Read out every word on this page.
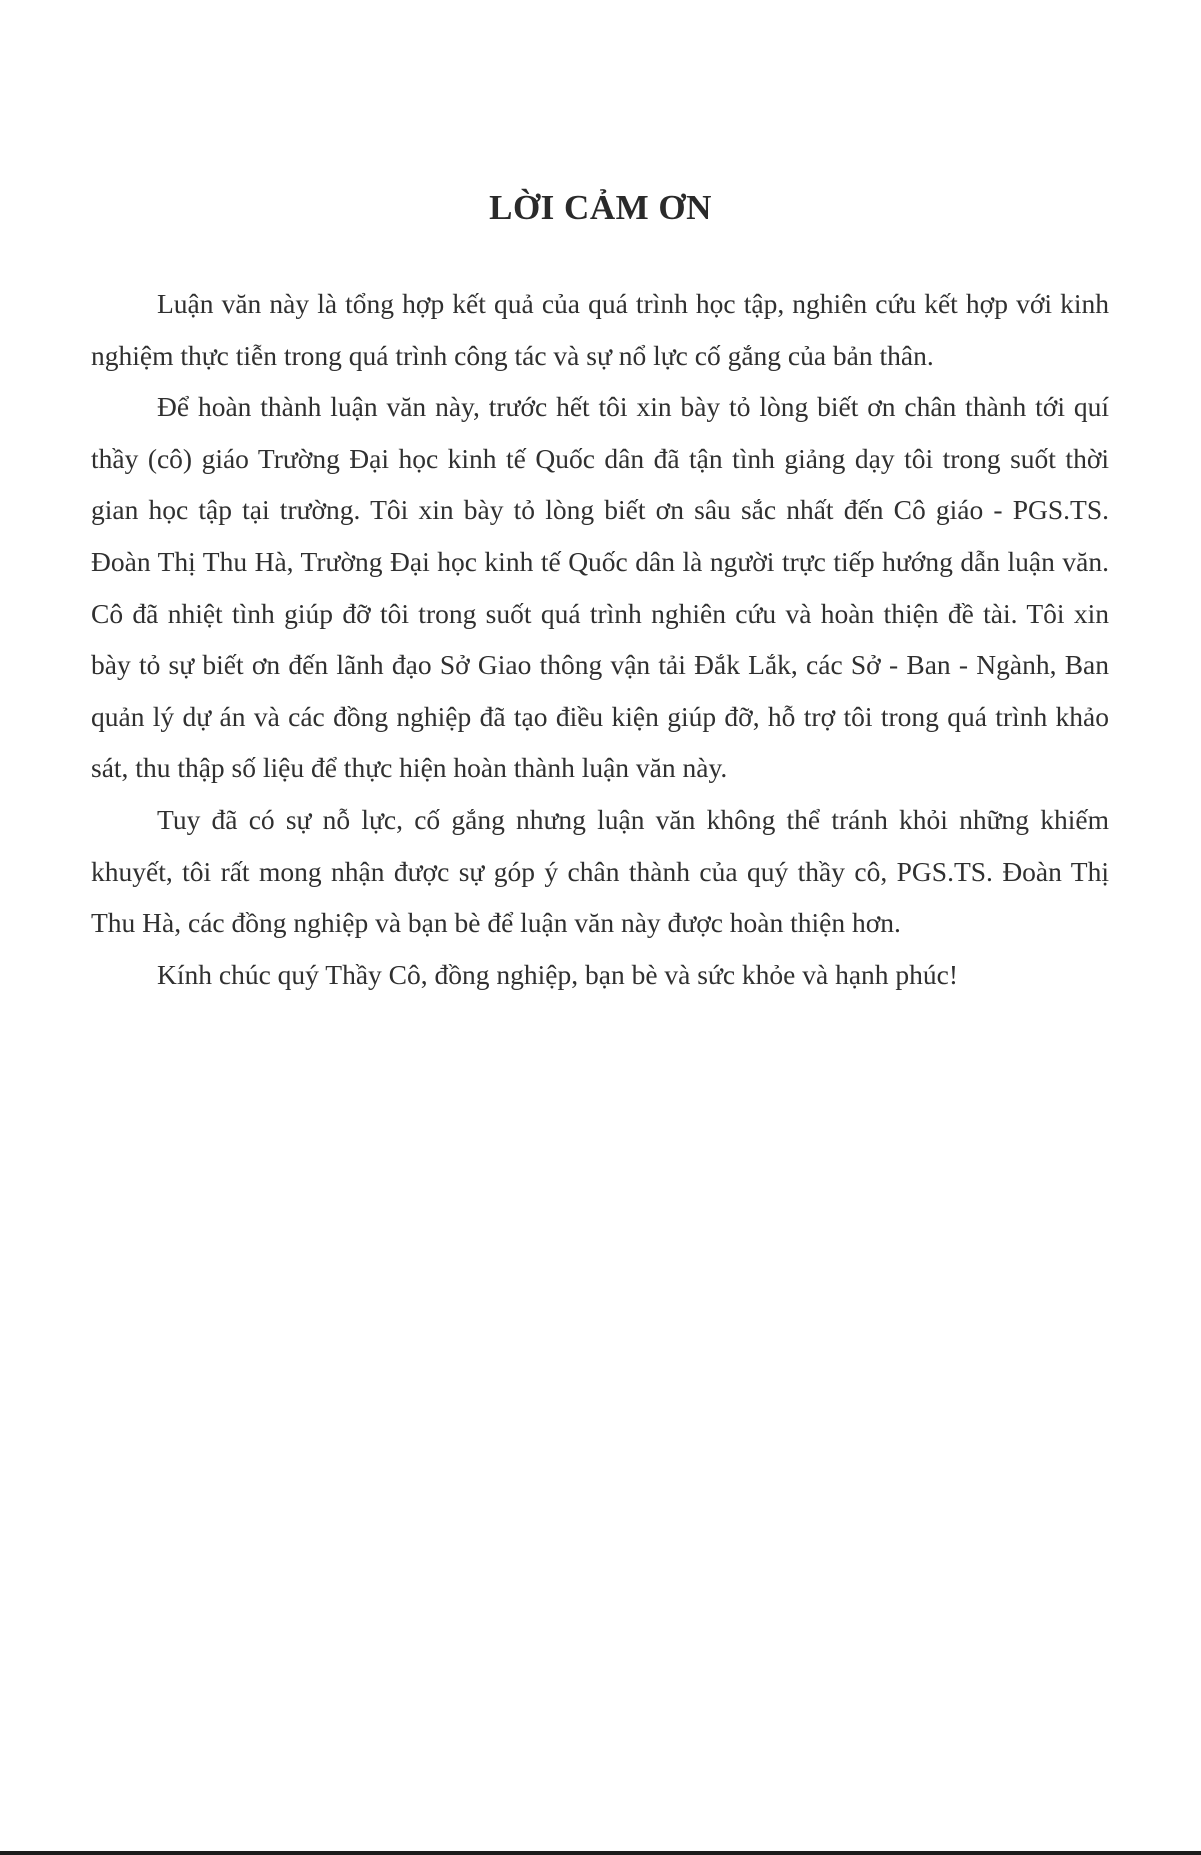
LỜI CẢM ƠN

Luận văn này là tổng hợp kết quả của quá trình học tập, nghiên cứu kết hợp với kinh nghiệm thực tiễn trong quá trình công tác và sự nổ lực cố gắng của bản thân.

Để hoàn thành luận văn này, trước hết tôi xin bày tỏ lòng biết ơn chân thành tới quí thầy (cô) giáo Trường Đại học kinh tế Quốc dân đã tận tình giảng dạy tôi trong suốt thời gian học tập tại trường. Tôi xin bày tỏ lòng biết ơn sâu sắc nhất đến Cô giáo - PGS.TS. Đoàn Thị Thu Hà, Trường Đại học kinh tế Quốc dân là người trực tiếp hướng dẫn luận văn. Cô đã nhiệt tình giúp đỡ tôi trong suốt quá trình nghiên cứu và hoàn thiện đề tài. Tôi xin bày tỏ sự biết ơn đến lãnh đạo Sở Giao thông vận tải Đắk Lắk, các Sở - Ban - Ngành, Ban quản lý dự án và các đồng nghiệp đã tạo điều kiện giúp đỡ, hỗ trợ tôi trong quá trình khảo sát, thu thập số liệu để thực hiện hoàn thành luận văn này.

Tuy đã có sự nỗ lực, cố gắng nhưng luận văn không thể tránh khỏi những khiếm khuyết, tôi rất mong nhận được sự góp ý chân thành của quý thầy cô, PGS.TS. Đoàn Thị Thu Hà, các đồng nghiệp và bạn bè để luận văn này được hoàn thiện hơn.

Kính chúc quý Thầy Cô, đồng nghiệp, bạn bè và sức khỏe và hạnh phúc!
